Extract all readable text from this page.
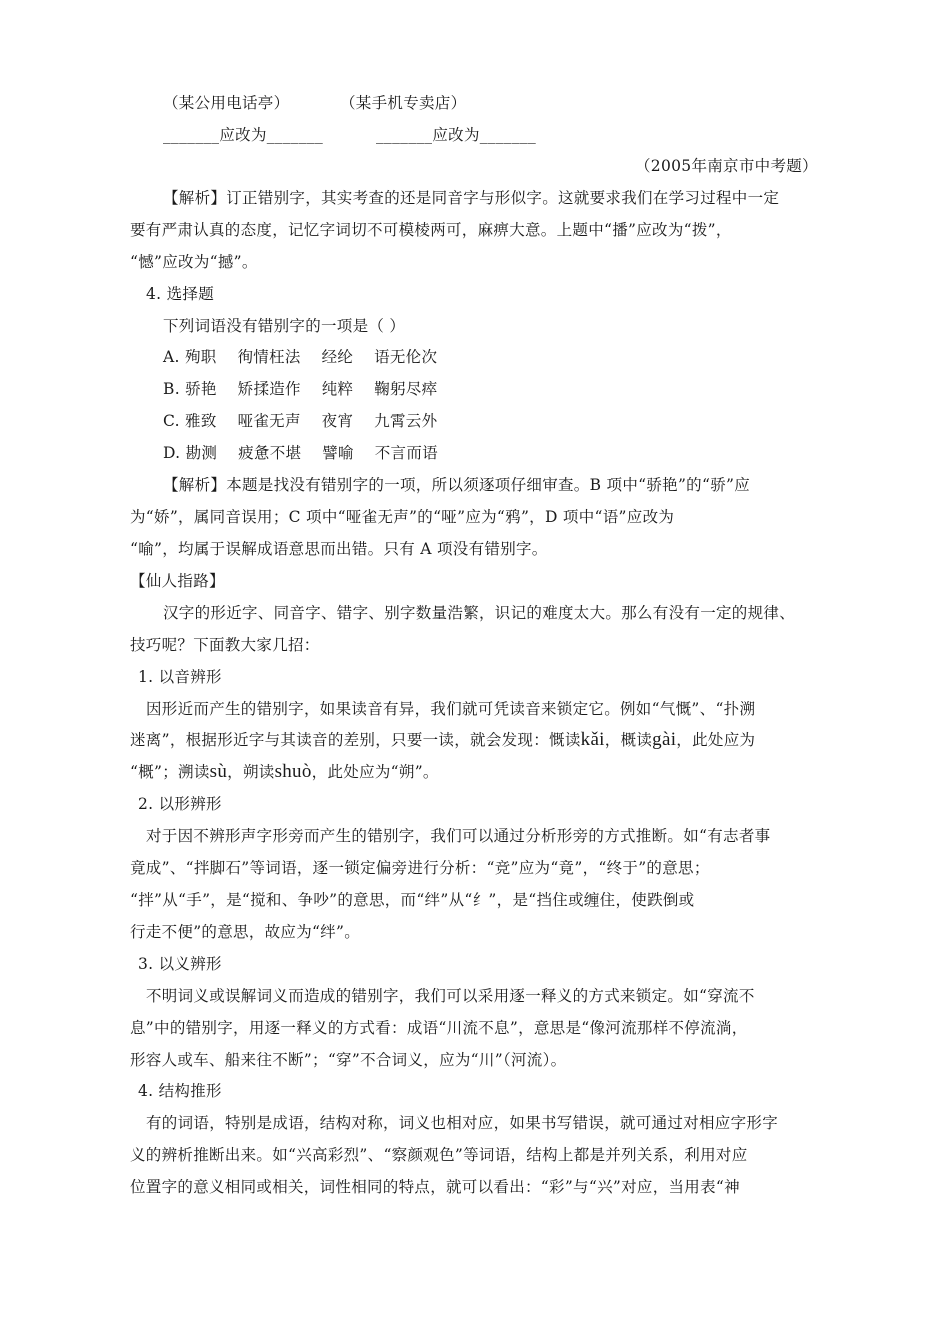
（某公用电话亭）	（某手机专卖店）
_______应改为_______	_______应改为_______
（2005年南京市中考题）
【解析】订正错别字，其实考查的还是同音字与形似字。这就要求我们在学习过程中一定
要有严肃认真的态度，记忆字词切不可模棱两可，麻痹大意。上题中“播”应改为“拨”，
“憾”应改为“撼”。
4. 选择题
下列词语没有错别字的一项是（ ）
A. 殉职    徇情枉法    经纶    语无伦次
B. 骄艳    矫揉造作    纯粹    鞠躬尽瘁
C. 雅致    哑雀无声    夜宵    九霄云外
D. 勘测    疲惫不堪    譬喻    不言而语
【解析】本题是找没有错别字的一项，所以须逐项仔细审查。B 项中“骄艳”的“骄”应
为“娇”，属同音误用；C 项中“哑雀无声”的“哑”应为“鸦”，D 项中“语”应改为
“喻”，均属于误解成语意思而出错。只有 A 项没有错别字。
【仙人指路】
汉字的形近字、同音字、错字、别字数量浩繁，识记的难度太大。那么有没有一定的规律、
技巧呢？下面教大家几招：
1. 以音辨形
因形近而产生的错别字，如果读音有异，我们就可凭读音来锁定它。例如“气慨”、“扑溯
迷离”，根据形近字与其读音的差别，只要一读，就会发现：慨读kǎi，概读gài，此处应为
“概”；溯读sù，朔读shuò，此处应为“朔”。
2. 以形辨形
对于因不辨形声字形旁而产生的错别字，我们可以通过分析形旁的方式推断。如“有志者事
竟成”、“拌脚石”等词语，逐一锁定偏旁进行分析：“竞”应为“竟”，“终于”的意思；
“拌”从“手”，是“搅和、争吵”的意思，而“绊”从“纟”，是“挡住或缠住，使跌倒或
行走不便”的意思，故应为“绊”。
3. 以义辨形
不明词义或误解词义而造成的错别字，我们可以采用逐一释义的方式来锁定。如“穿流不
息”中的错别字，用逐一释义的方式看：成语“川流不息”，意思是“像河流那样不停流淌，
形容人或车、船来往不断”；“穿”不合词义，应为“川”（河流）。
4. 结构推形
有的词语，特别是成语，结构对称，词义也相对应，如果书写错误，就可通过对相应字形字
义的辨析推断出来。如“兴高彩烈”、“察颜观色”等词语，结构上都是并列关系，利用对应
位置字的意义相同或相关，词性相同的特点，就可以看出：“彩”与“兴”对应，当用表“神
